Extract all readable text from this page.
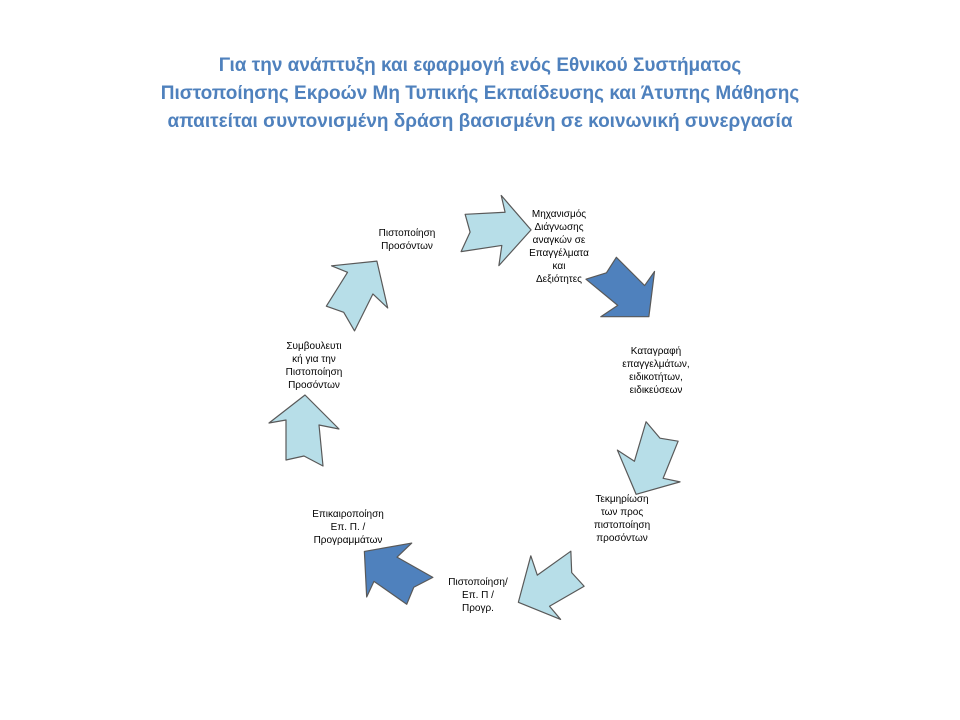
Για την ανάπτυξη και εφαρμογή ενός Εθνικού Συστήματος
Πιστοποίησης Εκροών Μη Τυπικής Εκπαίδευσης και Άτυπης Μάθησης
απαιτείται συντονισμένη δράση βασισμένη σε κοινωνική συνεργασία
Μηχανισμός
Διάγνωσης
αναγκών σε
Επαγγέλματα
και
Δεξιότητες
Καταγραφή
επαγγελμάτων,
ειδικοτήτων,
ειδικεύσεων
Τεκμηρίωση
των προς
πιστοποίηση
προσόντων
Πιστοποίηση/
Επ. Π /
Προγρ.
Επικαιροποίηση
Επ. Π. /
Προγραμμάτων
Συμβουλευτι
κή για την
Πιστοποίηση
Προσόντων
Πιστοποίηση
Προσόντων
